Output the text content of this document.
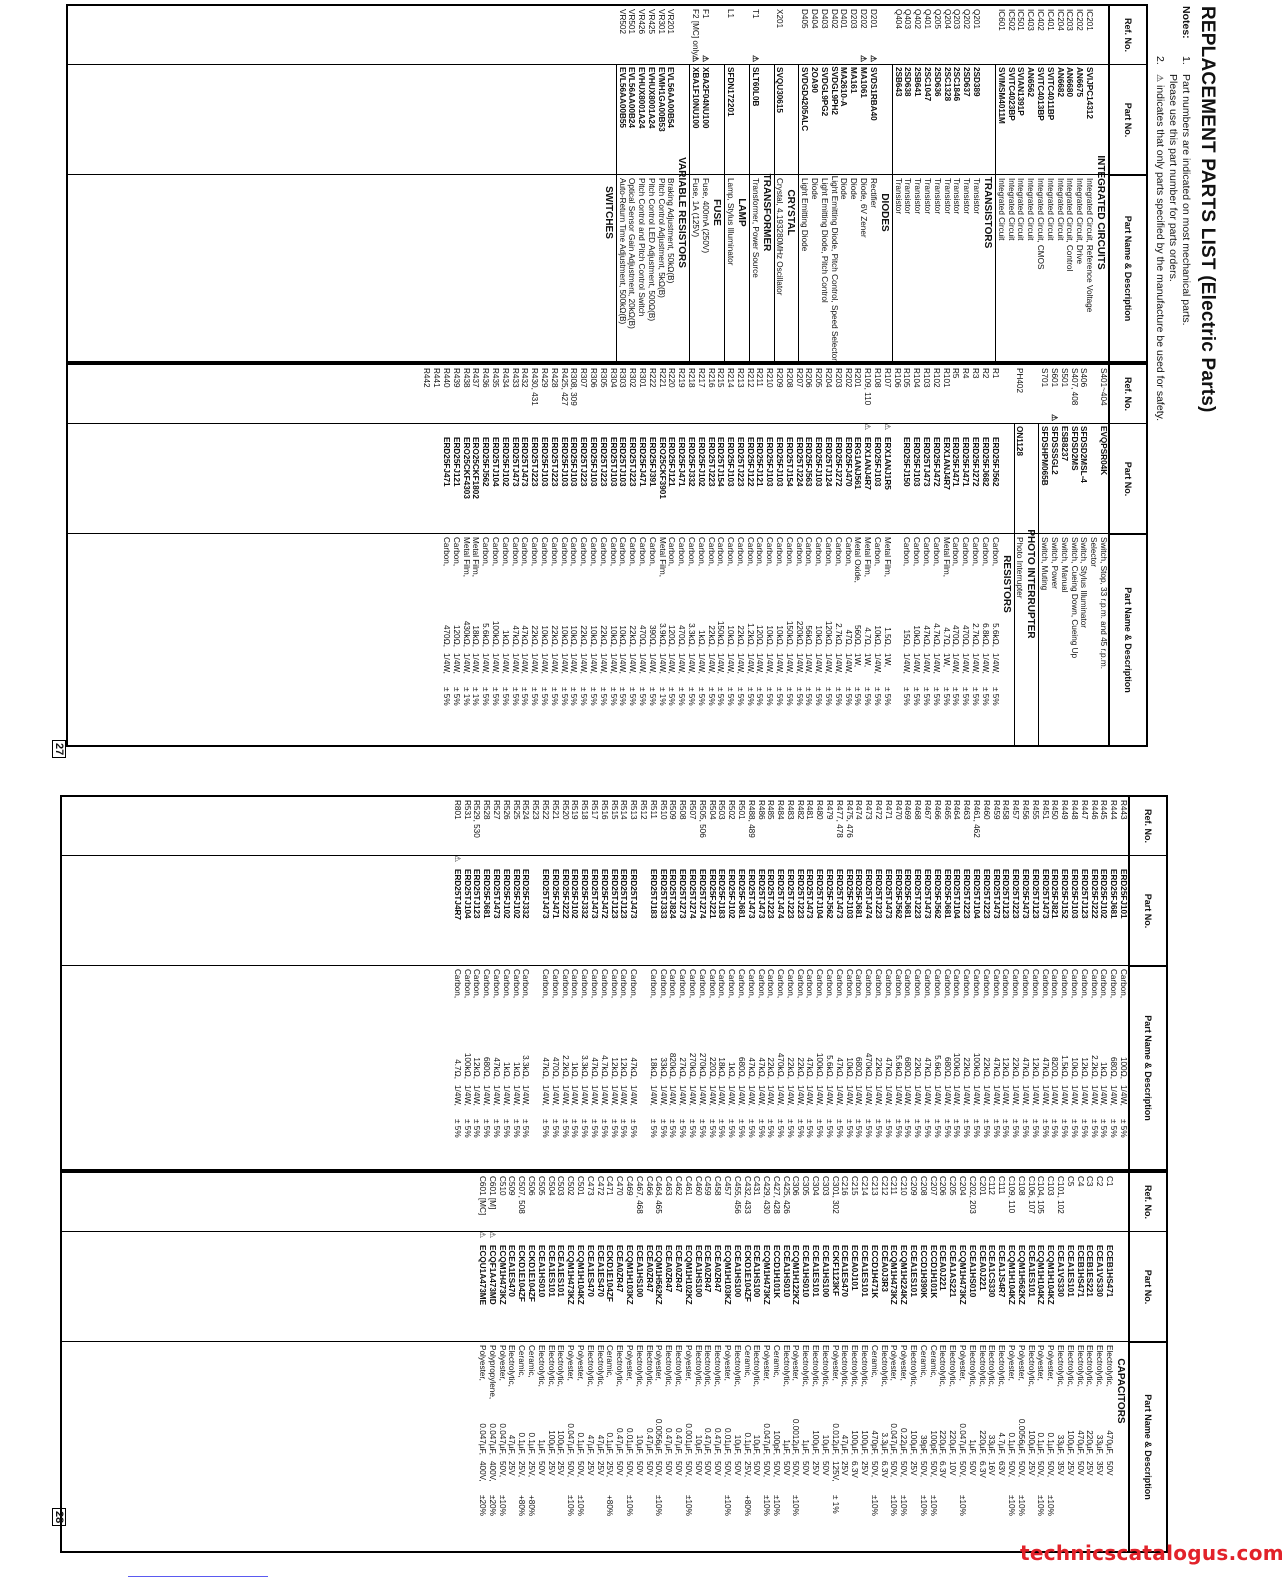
REPLACEMENT PARTS LIST (Electric Parts)
Notes:
1.
Part numbers are indicated on most mechanical parts.
Please use this part number for parts orders.
2.
⚠ indicates that only parts specified by the manufacture be used for safety.
Ref. No.
Part No.
Part Name & Description
INTEGRATED CIRCUITS
IC201
SVIJPC14312
Integrated Circuit, Reference Voltage
IC202
AN6675
Integrated Circuit, Drive
IC203
AN6680
Integrated Circuit, Control
IC204
AN6682
Integrated Circuit
IC401
SVITC4011BP
Integrated Circuit
IC402
SVITC4013BP
Integrated Circuit, CMOS
IC403
AN6562
Integrated Circuit
IC501
SVIAN1391P
Integrated Circuit
IC502
SVITC4023BP
Integrated Circuit
IC601
SVIMSM4011M
Integrated Circuit
TRANSISTORS
Q201
2SD389
Transistor
Q202
2SD637
Transistor
Q203
2SC1846
Transistor
Q204
2SC1328
Transistor
Q205
2SD636
Transistor
Q401
2SC1047
Transistor
Q402
2SB641
Transistor
Q403
2SD638
Transistor
Q404
2SB643
Transistor
DIODES
D201
⚠
SVDS1RBA40
Rectifier
D202
⚠
MA1061
Diode, 6V Zener
D203
MA161
Diode
D401
MA2610-A
Diode
D402
SVDGL9PH2
Light Emitting Diode, Pitch Control, Speed Selector
D403
SVDGL9PG2
Light Emitting Diode, Pitch Control
D404
2OA90
Diode
D405
SVDGD4205ALC
Light Emitting Diode
CRYSTAL
X201
SVQU30615
Crystal, 4.193280MHz Oscillator
TRANSFORMER
T1
⚠
SLT60L0B
Transformer, Power Source
LAMP
L1
SFDN172201
Lamp, Stylus Illuminator
FUSE
F1
⚠
XBA2F04NU100
Fuse, 400mA (250V)
F2 [MC] only
⚠
XBA1F10NU100
Fuse, 1A (125V)
VARIABLE RESISTORS
VR201
EVL56AA00B54
Braking Adjustment, 50kΩ(B)
VR301
EVMH1GA00B53
Pitch Control Adjustment, 5kΩ(B)
VR425
EVHUX8001A24
Pitch Control LED Adjustment, 500Ω(B)
VR426
EVHUX8001A24
Pitch Control and Pitch Control Switch
VR501
EVL56AA00B24
Optical Sensor Gain Adjustment, 20kΩ(B)
VR502
EVL56AA00B55
Auto-Return Time Adjustment, 500kΩ(B)
SWITCHES
Ref. No.
Part No.
Part Name & Description
S401~404
EVQPSR04K
Switch, Stop, 33 r.p.m. and 45 r.p.m.
Selector
S406
SFDSD2MSL-4
Switch, Stylus Illuminator
S407, 408
SFDSD2MS
Switch, Cueing Down, Cueing Up
S501
ESB8237
Switch, Manual
S601
⚠
SFDSSSGL2
Switch, Power
S701
SFDSHPM065B
Switch, Muting
PHOTO INTERRUPTER
PH402
ON1128
Photo Interrupter
RESISTORS
R1
ERD25FJ562
Carbon,
5.6kΩ,
1/4W,
± 5%
R2
ERD25FJ682
Carbon,
6.8kΩ,
1/4W,
± 5%
R3
ERD25FJ272
Carbon,
2.7kΩ,
1/4W,
± 5%
R4
ERD25FJ471
Carbon,
470Ω,
1/4W,
± 5%
R5
ERD25FJ471
Carbon,
470Ω,
1/4W,
± 5%
R101
ERX1ANJ4R7
Metal Film,
4.7Ω,
1W,
± 5%
R102
ERD25FJ472
Carbon,
4.7kΩ,
1/4W,
± 5%
R103
ERD25TJ473
Carbon,
47kΩ,
1/4W,
± 5%
R104
ERD25FJ103
Carbon,
10kΩ,
1/4W,
± 5%
R105
ERD25FJ150
Carbon,
15Ω,
1/4W,
± 5%
R106
⚠
R107
ERX1ANJ1R5
Metal Film,
1.5Ω,
1W,
± 5%
R108
ERD25FJ103
Carbon,
10kΩ,
1/4W,
± 5%
⚠
R109, 110
ERX1ANJ4R7
Metal Film,
4.7Ω,
1W,
± 5%
R201
ERG1ANJ561
Metal Oxide,
560Ω,
1W,
± 5%
R202
ERD25FJ470
Carbon,
47Ω,
1/4W,
± 5%
R203
ERD25FJ272
Carbon,
2.7kΩ,
1/4W,
± 5%
R204
ERD25TJ124
Carbon,
120kΩ,
1/4W,
± 5%
R205
ERD25FJ103
Carbon,
10kΩ,
1/4W,
± 5%
R206
ERD25FJ563
Carbon,
56kΩ,
1/4W,
± 5%
R207
ERD25TJ224
Carbon,
220kΩ,
1/4W,
± 5%
R208
ERD25TJ154
Carbon,
150kΩ,
1/4W,
± 5%
R209
ERD25FJ103
Carbon,
10kΩ,
1/4W,
± 5%
R210
ERD25FJ103
Carbon,
10kΩ,
1/4W,
± 5%
R211
ERD25FJ121
Carbon,
120Ω,
1/4W,
± 5%
R212
ERD25FJ122
Carbon,
1.2kΩ,
1/4W,
± 5%
R213
ERD25TJ223
Carbon,
22kΩ,
1/4W,
± 5%
R214
ERD25FJ103
Carbon,
10kΩ,
1/4W,
± 5%
R215
ERD25TJ154
Carbon,
150kΩ,
1/4W,
± 5%
R216
ERD25TJ223
Carbon,
22kΩ,
1/4W,
± 5%
R217
ERD25FJ102
Carbon,
1kΩ,
1/4W,
± 5%
R218
ERD25FJ332
Carbon,
3.3kΩ,
1/4W,
± 5%
R219
ERD25FJ471
Carbon,
470Ω,
1/4W,
± 5%
R220
ERD25FJ121
Carbon,
120Ω,
1/4W,
± 5%
R221
ERO25CKF3901
Metal Film,
3.9kΩ,
1/4W,
± 1%
R222
ERD25FJ391
Carbon,
390Ω,
1/4W,
± 5%
R301
ERD25FJ471
Carbon,
470Ω,
1/4W,
± 5%
R302
ERD25TJ223
Carbon,
22kΩ,
1/4W,
± 5%
R303
ERD25TJ103
Carbon,
10kΩ,
1/4W,
± 5%
R304
ERD25TJ103
Carbon,
10kΩ,
1/4W,
± 5%
R305
ERD25TJ223
Carbon,
22kΩ,
1/4W,
± 5%
R306
ERD25FJ103
Carbon,
10kΩ,
1/4W,
± 5%
R307
ERD25TJ223
Carbon,
22kΩ,
1/4W,
± 5%
R308, 309
ERD25FJ103
Carbon,
10kΩ,
1/4W,
± 5%
R425, 427
ERD25FJ103
Carbon,
10kΩ,
1/4W,
± 5%
R428
ERD25TJ223
Carbon,
22kΩ,
1/4W,
± 5%
R429
ERD25FJ103
Carbon,
10kΩ,
1/4W,
± 5%
R430, 431
ERD25TJ223
Carbon,
22kΩ,
1/4W,
± 5%
R432
ERD25TJ473
Carbon,
47kΩ,
1/4W,
± 5%
R433
ERD25TJ473
Carbon,
47kΩ,
1/4W,
± 5%
R434
ERD25FJ102
Carbon,
1kΩ,
1/4W,
± 5%
R435
ERD25TJ104
Carbon,
100kΩ,
1/4W,
± 5%
R436
ERD25FJ562
Carbon,
5.6kΩ,
1/4W,
± 5%
R437
ERO25CKF1802
Metal Film,
18kΩ,
1/4W,
± 1%
R438
ERO25CKF4303
Metal Film,
430kΩ,
1/4W,
± 1%
R439
ERD25FJ121
Carbon,
120Ω,
1/4W,
± 5%
R440
ERD25FJ471
Carbon,
470Ω,
1/4W,
± 5%
R441
R442
27
Ref. No.
Part No.
Part Name & Description
R443
ERD25FJ101
Carbon,
100Ω,
1/4W,
± 5%
R444
ERD25FJ681
Carbon,
680Ω,
1/4W,
± 5%
R445
ERD25FJ102
Carbon,
1kΩ,
1/4W,
± 5%
R446
ERD25FJ222
Carbon,
2.2kΩ,
1/4W,
± 5%
R447
ERD25TJ123
Carbon,
12kΩ,
1/4W,
± 5%
R448
ERD25FJ103
Carbon,
10kΩ,
1/4W,
± 5%
R449
ERD25FJ152
Carbon,
1.5kΩ,
1/4W,
± 5%
R450
ERD25FJ821
Carbon,
820Ω,
1/4W,
± 5%
R451
ERD25TJ473
Carbon,
47kΩ,
1/4W,
± 5%
R455
ERD25TJ123
Carbon,
12kΩ,
1/4W,
± 5%
R456
ERD25FJ473
Carbon,
47kΩ,
1/4W,
± 5%
R457
ERD25TJ223
Carbon,
22kΩ,
1/4W,
± 5%
R458
ERD25TJ123
Carbon,
12kΩ,
1/4W,
± 5%
R459
ERD25TJ473
Carbon,
47kΩ,
1/4W,
± 5%
R460
ERD25TJ223
Carbon,
22kΩ,
1/4W,
± 5%
R461, 462
ERD25TJ104
Carbon,
100kΩ,
1/4W,
± 5%
R463
ERD25TJ223
Carbon,
22kΩ,
1/4W,
± 5%
R464
ERD25TJ104
Carbon,
100kΩ,
1/4W,
± 5%
R465
ERD25FJ681
Carbon,
680Ω,
1/4W,
± 5%
R466
ERD25FJ562
Carbon,
5.6kΩ,
1/4W,
± 5%
R467
ERD25TJ473
Carbon,
47kΩ,
1/4W,
± 5%
R468
ERD25TJ223
Carbon,
22kΩ,
1/4W,
± 5%
R469
ERD25FJ681
Carbon,
680Ω,
1/4W,
± 5%
R470
ERD25FJ562
Carbon,
5.6kΩ,
1/4W,
± 5%
R471
ERD25TJ473
Carbon,
47kΩ,
1/4W,
± 5%
R472
ERD25TJ223
Carbon,
22kΩ,
1/4W,
± 5%
R473
ERD25TJ474
Carbon,
470kΩ,
1/4W,
± 5%
R474
ERD25FJ681
Carbon,
680Ω,
1/4W,
± 5%
R475, 476
ERD25FJ103
Carbon,
10kΩ,
1/4W,
± 5%
R477, 478
ERD25TJ473
Carbon,
47kΩ,
1/4W,
± 5%
R479
ERD25FJ562
Carbon,
5.6kΩ,
1/4W,
± 5%
R480
ERD25TJ104
Carbon,
100kΩ,
1/4W,
± 5%
R481
ERD25TJ473
Carbon,
47kΩ,
1/4W,
± 5%
R482
ERD25TJ223
Carbon,
22kΩ,
1/4W,
± 5%
R483
ERD25TJ223
Carbon,
22kΩ,
1/4W,
± 5%
R484
ERD25TJ474
Carbon,
470kΩ,
1/4W,
± 5%
R485
ERD25TJ223
Carbon,
22kΩ,
1/4W,
± 5%
R486
ERD25TJ473
Carbon,
47kΩ,
1/4W,
± 5%
R488, 489
ERD25TJ473
Carbon,
47kΩ,
1/4W,
± 5%
R501
ERD25FJ681
Carbon,
680Ω,
1/4W,
± 5%
R502
ERD25FJ102
Carbon,
1kΩ,
1/4W,
± 5%
R503
ERD25FJ183
Carbon,
18kΩ,
1/4W,
± 5%
R504
ERD25FJ221
Carbon,
220Ω,
1/4W,
± 5%
R505, 506
ERD25TJ274
Carbon,
270kΩ,
1/4W,
± 5%
R507
ERD25TJ274
Carbon,
270kΩ,
1/4W,
± 5%
R508
ERD25TJ273
Carbon,
27kΩ,
1/4W,
± 5%
R509
ERD25TJ824
Carbon,
820kΩ,
1/4W,
± 5%
R510
ERD25TJ333
Carbon,
33kΩ,
1/4W,
± 5%
R511
ERD25TJ183
Carbon,
18kΩ,
1/4W,
± 5%
R512
R513
ERD25TJ473
Carbon,
47kΩ,
1/4W,
± 5%
R514
ERD25TJ123
Carbon,
12kΩ,
1/4W,
± 5%
R515
ERD25TJ123
Carbon,
12kΩ,
1/4W,
± 5%
R516
ERD25FJ472
Carbon,
4.7kΩ,
1/4W,
± 5%
R517
ERD25TJ473
Carbon,
47kΩ,
1/4W,
± 5%
R518
ERD25FJ332
Carbon,
3.3kΩ,
1/4W,
± 5%
R519
ERD25FJ102
Carbon,
1kΩ,
1/4W,
± 5%
R520
ERD25FJ222
Carbon,
2.2kΩ,
1/4W,
± 5%
R521
ERD25FJ471
Carbon,
470Ω,
1/4W,
± 5%
R522
ERD25TJ473
Carbon,
47kΩ,
1/4W,
± 5%
R523
R524
ERD25FJ332
Carbon,
3.3kΩ,
1/4W,
± 5%
R525
ERD25FJ102
Carbon,
1kΩ,
1/4W,
± 5%
R526
ERD25FJ102
Carbon,
1kΩ,
1/4W,
± 5%
R527
ERD25TJ473
Carbon,
47kΩ,
1/4W,
± 5%
R528
ERD25FJ681
Carbon,
680Ω,
1/4W,
± 5%
R529, 530
ERD25TJ123
Carbon,
12kΩ,
1/4W,
± 5%
R531
ERD25TJ104
Carbon,
100kΩ,
1/4W,
± 5%
⚠
R801
ERD25TJ4R7
Carbon,
4.7Ω,
1/4W,
± 5%
Ref. No.
Part No.
Part Name & Description
CAPACITORS
C1
ECEB1HS471
Electrolytic,
470µF,
50V
C2
ECEA1VS330
Electrolytic,
33µF,
35V
C3
ECEB1ES221
Electrolytic,
220µF,
25V
C4
ECEB1HS471
Electrolytic,
470µF,
50V
C5
ECEA1ES101
Electrolytic,
100µF,
25V
C101, 102
ECEA1VS330
Electrolytic,
33µF,
35V
C103
ECQM1H104KZ
Polyester,
0.1µF,
50V,
±10%
C104, 105
ECQM1H104KZ
Polyester,
0.1µF,
50V,
±10%
C106, 107
ECEA1ES101
Electrolytic,
100µF,
25V
C108
ECQM1H562KZ
Polyester,
0.0056µF,
50V,
±10%
C109, 110
ECQM1H104KZ
Polyester,
0.1µF,
50V,
±10%
C111
ECEA1JS4R7
Electrolytic,
4.7µF,
63V
C112
ECEA1CS330
Electrolytic,
33µF,
16V
C201
ECEA0J221
Electrolytic,
220µF,
6.3V
C202, 203
ECEA1HS010
Electrolytic,
1µF,
50V
C204
ECQM1H473KZ
Polyester,
0.047µF,
50V,
±10%
C205
ECEA1AS221
Electrolytic,
220µF,
10V
C206
ECEA0J221
Electrolytic,
220µF,
6.3V
C207
ECCD1H101K
Ceramic,
100pF,
50V,
±10%
C208
ECCD1H390K
Ceramic,
39pF,
50V,
±10%
C209
ECEA1ES101
Electrolytic,
100µF,
25V
C210
ECQM1H224KZ
Polyester,
0.22µF,
50V,
±10%
C211
ECQM1H473KZ
Polyester,
0.047µF,
50V,
±10%
C212
ECEA0J3R3
Electrolytic,
3.3µF,
6.3V
C213
ECCD1H471K
Ceramic,
470pF,
50V,
±10%
C214
ECEA1ES101
Electrolytic,
100µF,
25V
C215
ECEA0J101
Electrolytic,
100µF,
6.3V
C216
ECEA1ES470
Electrolytic,
47µF,
25V
C301, 302
ECKF1123KF
Polyester,
0.012µF,
125V,
± 1%
C303
ECEA1HS100
Electrolytic,
10µF,
50V
C304
ECEA1ES101
Electrolytic,
100µF,
25V
C305
ECEA1HS010
Electrolytic,
1µF,
50V
C306
ECQM1H122KZ
Polyester,
0.0012µF,
50V,
±10%
C425, 426
ECEA1HS010
Electrolytic,
1µF,
50V
C427, 428
ECCD1H101K
Ceramic,
100pF,
50V,
±10%
C429, 430
ECQM1H473KZ
Polyester,
0.047µF,
50V,
±10%
C431
ECEA1HS100
Electrolytic,
10µF,
50V
C432, 433
ECKD1E104ZF
Ceramic,
0.1µF,
25V,
+80%
C455, 456
ECEA1HS100
Electrolytic,
10µF,
50V
C457
ECQM1H103KZ
Polyester,
0.01µF,
50V,
±10%
C458
ECEA0ZR47
Electrolytic,
0.47µF,
50V
C459
ECEA0ZR47
Electrolytic,
0.47µF,
50V
C460
ECEA1HS100
Electrolytic,
10µF,
50V
C461
ECQM1H102KZ
Polyester,
0.001µF,
50V,
±10%
C462
ECEA0ZR47
Electrolytic,
0.47µF,
50V
C463
ECEA0ZR47
Electrolytic,
0.47µF,
50V
C464, 465
ECQM1H562KZ
Polyester,
0.0056µF,
50V,
±10%
C466
ECEA0ZR47
Electrolytic,
0.47µF,
50V
C467, 468
ECEA1HS100
Electrolytic,
10µF,
50V
C469
ECQM1H103KZ
Polyester,
0.01µF,
50V,
±10%
C470
ECEA0ZR47
Electrolytic,
0.47µF,
50V
C471
ECKD1E104ZF
Ceramic,
0.1µF,
25V,
+80%
C472
ECEA1ES470
Electrolytic,
47µF,
25V
C473
ECEA1ES470
Electrolytic,
47µF,
25V
C501
ECQM1H104KZ
Polyester,
0.1µF,
50V,
±10%
C502
ECQM1H473KZ
Polyester,
0.047µF,
50V,
±10%
C503
ECEA1ES101
Electrolytic,
100µF,
25V
C504
ECEA1ES101
Electrolytic,
100µF,
25V
C505
ECEA1HS010
Electrolytic,
1µF,
50V
C506
ECKD1E104ZF
Ceramic,
0.1µF,
25V,
+80%
C507, 508
ECKD1E104ZF
Ceramic,
0.1µF,
25V,
+80%
C509
ECEA1ES470
Electrolytic,
47µF,
25V
C510
ECQM1H473KZ
Polyester,
0.047µF,
50V,
±10%
⚠
C601 [M]
ECQF1A473MD
Polypropylene,
0.047µF,
400V,
±20%
⚠
C601 [MC]
ECQU1A473ME
Polyester,
0.047µF,
400V,
±20%
28
technicscatalogus.com
